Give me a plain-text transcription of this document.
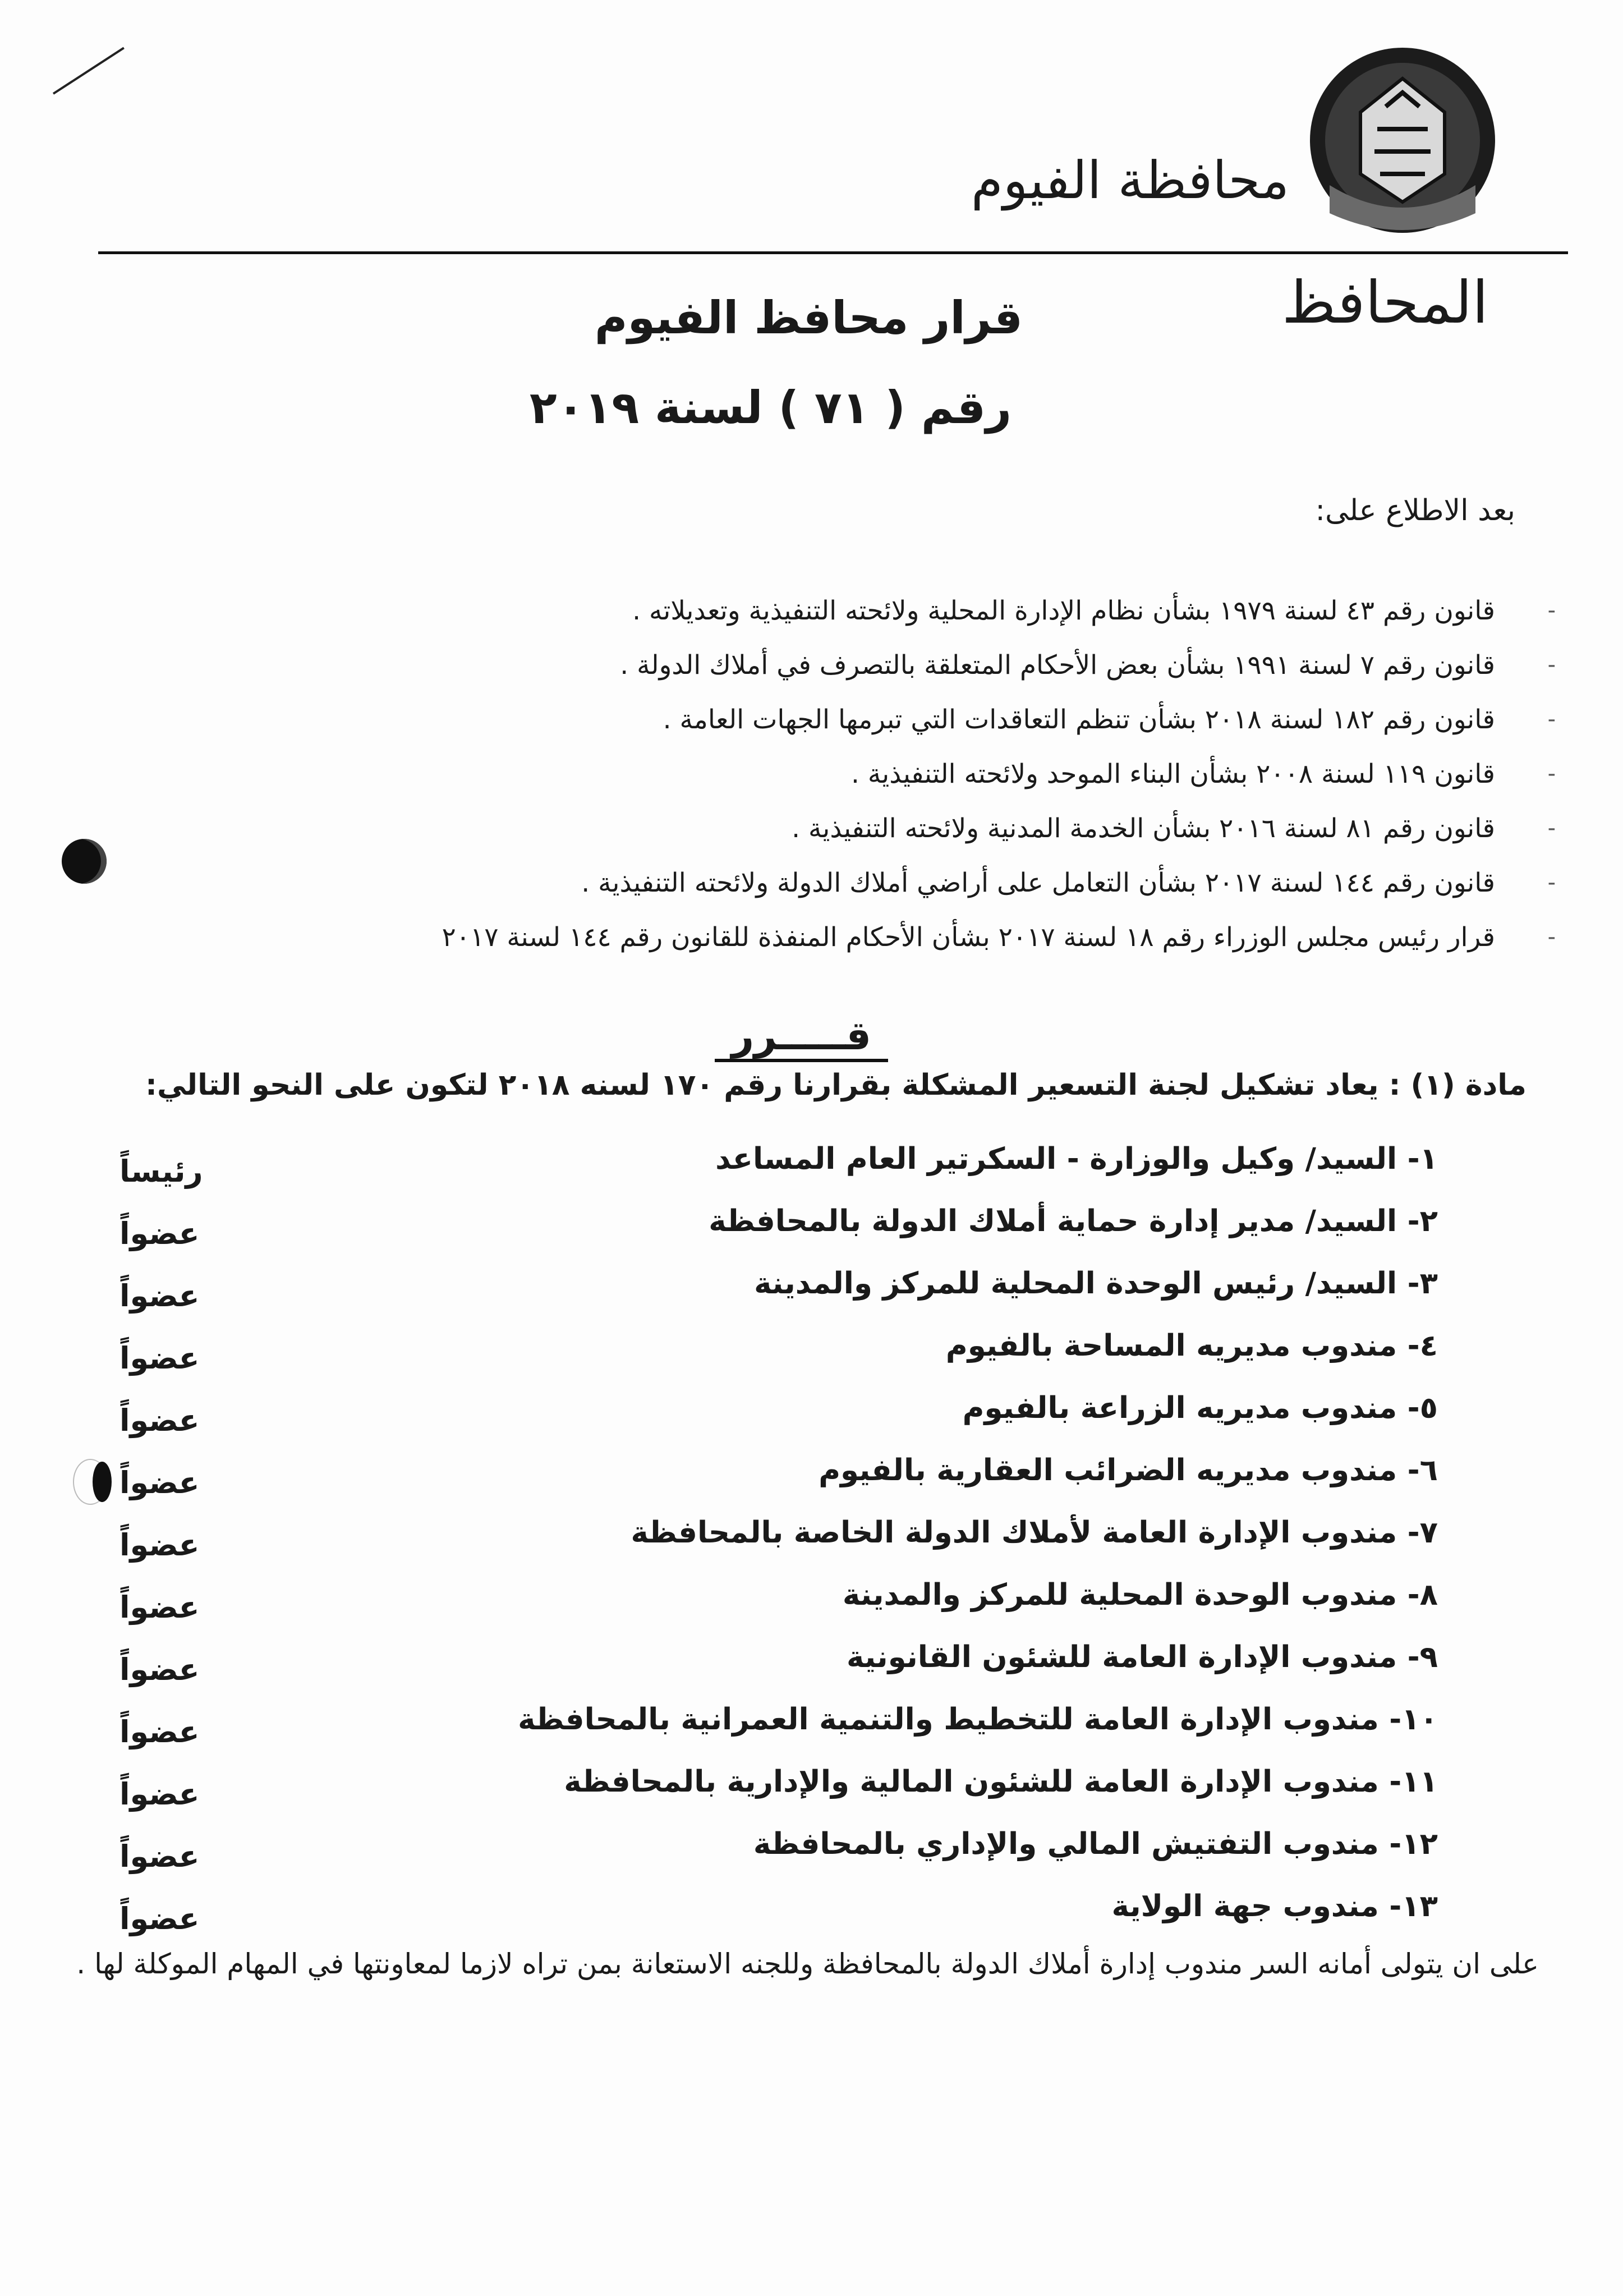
محافظة الفيوم
المحافظ
قرار محافظ الفيوم
رقم ( ٧١ ) لسنة ٢٠١٩
بعد الاطلاع على:
-
قانون رقم ٤٣ لسنة ١٩٧٩ بشأن نظام الإدارة المحلية ولائحته التنفيذية وتعديلاته .
-
قانون رقم ٧ لسنة ١٩٩١ بشأن بعض الأحكام المتعلقة بالتصرف في أملاك الدولة .
-
قانون رقم ١٨٢ لسنة ٢٠١٨ بشأن تنظم التعاقدات التي تبرمها الجهات العامة .
-
قانون ١١٩ لسنة ٢٠٠٨ بشأن البناء الموحد ولائحته التنفيذية .
-
قانون رقم ٨١ لسنة ٢٠١٦ بشأن الخدمة المدنية ولائحته التنفيذية .
-
قانون رقم ١٤٤ لسنة ٢٠١٧ بشأن التعامل على أراضي أملاك الدولة ولائحته التنفيذية .
-
قرار رئيس مجلس الوزراء رقم ١٨ لسنة ٢٠١٧ بشأن الأحكام المنفذة للقانون رقم ١٤٤ لسنة ٢٠١٧
قـــــرر
مادة (١) : يعاد تشكيل لجنة التسعير المشكلة بقرارنا رقم ١٧٠ لسنه ٢٠١٨ لتكون على النحو التالي:
١- السيد/ وكيل والوزارة - السكرتير العام المساعد
رئيساً
٢- السيد/ مدير إدارة حماية أملاك الدولة بالمحافظة
عضواً
٣- السيد/ رئيس الوحدة المحلية للمركز والمدينة
عضواً
٤- مندوب مديريه المساحة بالفيوم
عضواً
٥- مندوب مديريه الزراعة بالفيوم
عضواً
٦- مندوب مديريه الضرائب العقارية بالفيوم
عضواً
٧- مندوب الإدارة العامة لأملاك الدولة الخاصة بالمحافظة
عضواً
٨- مندوب الوحدة المحلية للمركز والمدينة
عضواً
٩- مندوب الإدارة العامة للشئون القانونية
عضواً
١٠- مندوب الإدارة العامة للتخطيط والتنمية العمرانية بالمحافظة
عضواً
١١- مندوب الإدارة العامة للشئون المالية والإدارية بالمحافظة
عضواً
١٢- مندوب التفتيش المالي والإداري بالمحافظة
عضواً
١٣- مندوب جهة الولاية
عضواً
على ان يتولى أمانه السر مندوب إدارة أملاك الدولة بالمحافظة وللجنه الاستعانة بمن تراه لازما لمعاونتها في المهام الموكلة لها .
